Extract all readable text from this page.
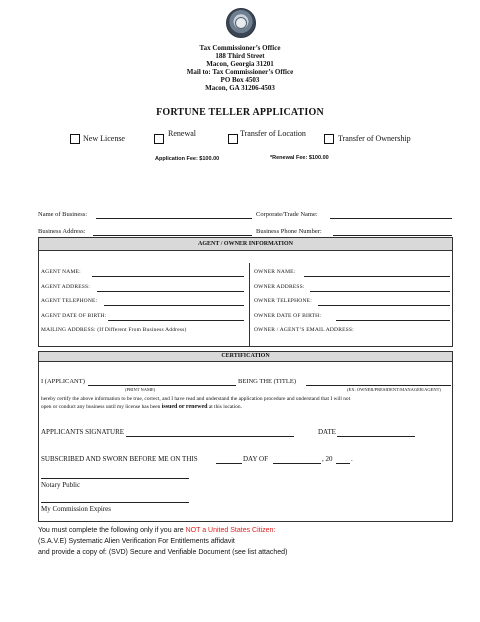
Tax Commissioner’s Office
188 Third Street
Macon, Georgia 31201
Mail to: Tax Commissioner’s Office
PO Box 4503
Macon, GA 31206-4503
FORTUNE TELLER APPLICATION
New License
Renewal	Transfer of Location
Transfer of Ownership
Application Fee: $100.00	*Renewal Fee: $100.00
Name of Business:	Corporate/Trade Name:
Business Address:	Business Phone Number:
AGENT / OWNER INFORMATION
AGENT NAME:
AGENT ADDRESS:
AGENT TELEPHONE:
AGENT DATE OF BIRTH:
MAILING ADDRESS: (If Different From Business Address)
OWNER NAME:
OWNER ADDRESS:
OWNER TELEPHONE:
OWNER DATE OF BIRTH:
OWNER / AGENT’S EMAIL ADDRESS:
CERTIFICATION
I (APPLICANT)	BEING THE (TITLE)
(PRINT NAME)	(EX: OWNER/PRESIDENT/MANAGER/AGENT)
hereby certify the above information to be true, correct, and I have read and understand the application procedure and understand that I will not
open or conduct any business until my license has been issued or renewed at this location.
APPLICANTS SIGNATURE	DATE
SUBSCRIBED AND SWORN BEFORE ME ON THIS	DAY OF	, 20	.
Notary Public
My Commission Expires
You must complete the following only if you are NOT a United States Citizen:
(S.A.V.E) Systematic Alien Verification For Entitlements affidavit
and provide a copy of: (SVD) Secure and Verifiable Document (see list attached)
